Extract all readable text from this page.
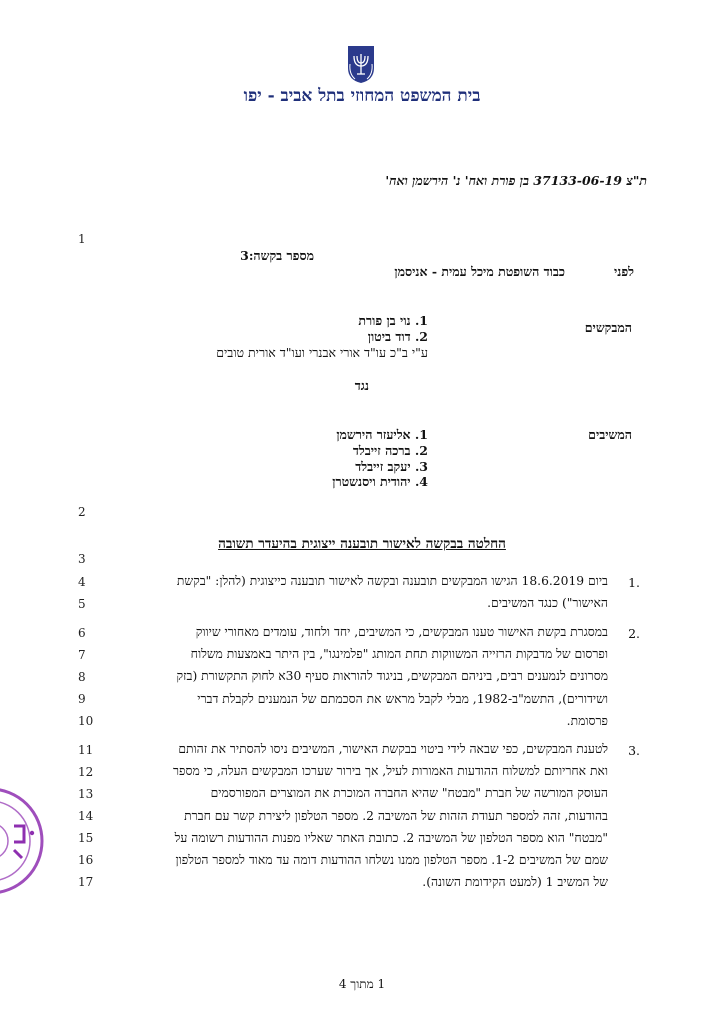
בית המשפט המחוזי בתל אביב - יפו
ת"צ 37133-06-19 בן פורת ואח' נ' הירשמן ואח'
1
2
3
4
5
6
7
8
9
10
11
12
13
14
15
16
17
מספר בקשה:3
לפני
כבוד השופטת מיכל עמית - אניסמן
המבקשים
1. נוי בן פורת
2. דוד ביטון
ע"י ב"כ עו"ד אורי אבנרי ועו"ד אורית טובים
נגד
המשיבים
1. אליעזר הירשמן
2. ברכה זייבלד
3. יעקב זייבלד
4. יהודית ויסנשטרן
החלטה בבקשה לאישור תובענה ייצוגית בהיעדר תשובה
1.
ביום 18.6.2019 הגישו המבקשים תובענה ובקשה לאישור תובענה כייצוגית (להלן: "בקשת
האישור") כנגד המשיבים.
2.
במסגרת בקשת האישור טענו המבקשים, כי המשיבים, יחד ולחוד, עומדים מאחורי שיווק
ופרסום של מדבקות הרזייה המשווקות תחת המותג "פלמינגו", בין היתר באמצעות משלוח
מסרונים לנמענים רבים, ביניהם המבקשים, בניגוד להוראות סעיף 30א לחוק התקשורת (בזק
ושידורים), התשמ"ב-1982, מבלי לקבל מראש את הסכמתם של הנמענים לקבלת דברי
פרסומת.
3.
לטענת המבקשים, כפי שבאה לידי ביטוי בבקשת האישור, המשיבים ניסו להסתיר את זהותם
ואת אחריותם למשלוח ההודעות האמורות לעיל, אך בירור שערכו המבקשים העלה, כי מספר
העוסק המורשה של חברת "מבטח" שהיא החברה המוכרת את המוצרים המפורסמים
בהודעות, זהה למספר תעודת הזהות של המשיבה 2. מספר הטלפון ליצירת קשר עם חברת
"מבטח" הוא מספר הטלפון של המשיבה 2. כתובת האתר שאליו מפנות ההודעות רשומה על
שמם של המשיבים 1-2. מספר הטלפון ממנו נשלחו ההודעות דומה עד מאוד למספר הטלפון
של המשיב 1 (למעט הקידומת השונה).
1 מתוך 4
